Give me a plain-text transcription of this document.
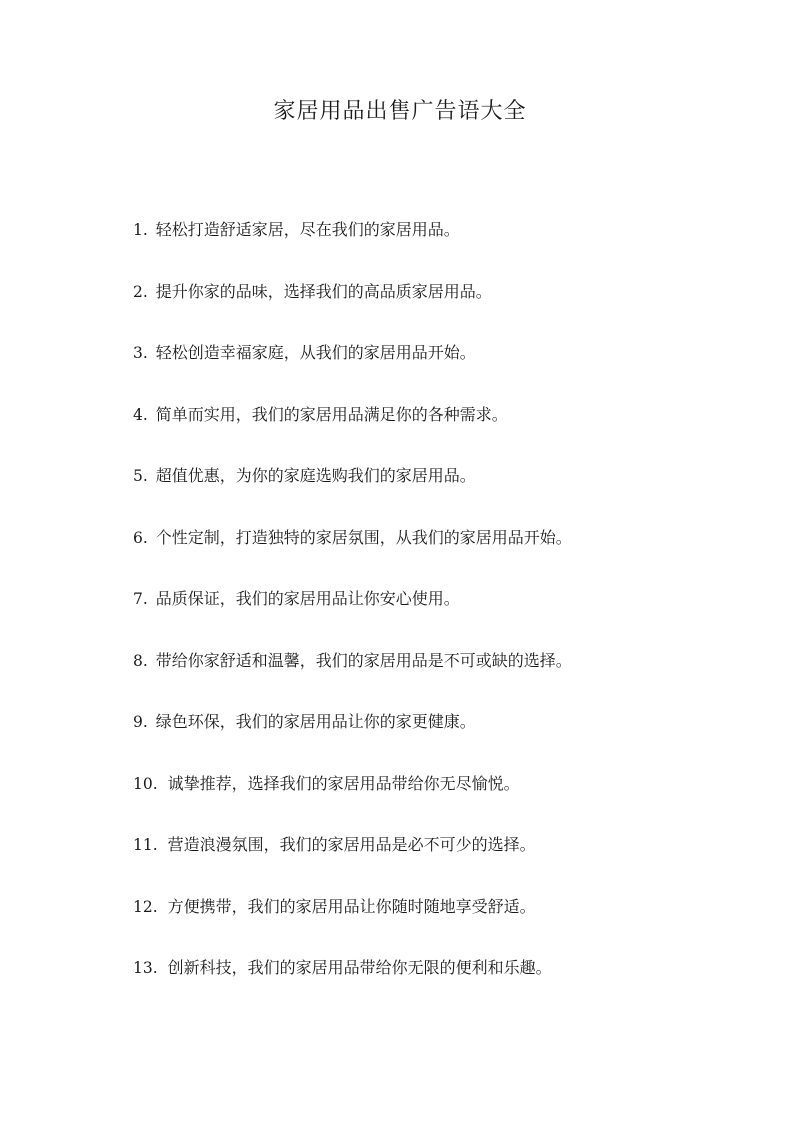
家居用品出售广告语大全
1. 轻松打造舒适家居，尽在我们的家居用品。
2. 提升你家的品味，选择我们的高品质家居用品。
3. 轻松创造幸福家庭，从我们的家居用品开始。
4. 简单而实用，我们的家居用品满足你的各种需求。
5. 超值优惠，为你的家庭选购我们的家居用品。
6. 个性定制，打造独特的家居氛围，从我们的家居用品开始。
7. 品质保证，我们的家居用品让你安心使用。
8. 带给你家舒适和温馨，我们的家居用品是不可或缺的选择。
9. 绿色环保，我们的家居用品让你的家更健康。
10. 诚挚推荐，选择我们的家居用品带给你无尽愉悦。
11. 营造浪漫氛围，我们的家居用品是必不可少的选择。
12. 方便携带，我们的家居用品让你随时随地享受舒适。
13. 创新科技，我们的家居用品带给你无限的便利和乐趣。
